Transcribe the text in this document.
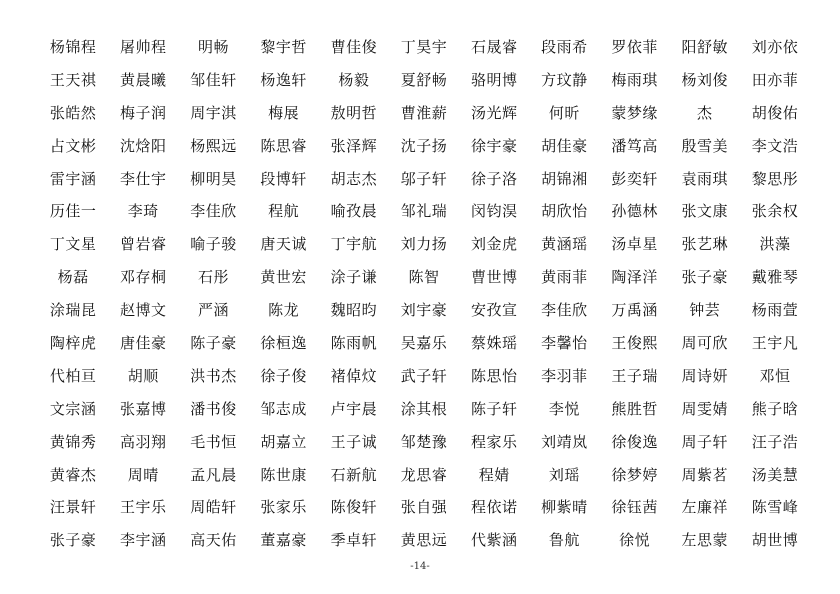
杨锦程	屠帅程	明畅	黎宇哲	曹佳俊	丁昊宇	石晟睿	段雨希	罗依菲	阳舒敏	刘亦依
王天祺	黄晨曦	邹佳轩	杨逸轩	杨毅	夏舒畅	骆明博	方玟静	梅雨琪	杨刘俊	田亦菲
张皓然	梅子润	周宇淇	梅展	敖明哲	曹淮薪	汤光辉	何昕	蒙梦缘	杰	胡俊佑
占文彬	沈焓阳	杨熙远	陈思睿	张泽辉	沈子扬	徐宇豪	胡佳豪	潘笃高	殷雪美	李文浩
雷宇涵	李仕宇	柳明昊	段博轩	胡志杰	邬子轩	徐子洛	胡锦湘	彭奕轩	袁雨琪	黎思彤
历佳一	李琦	李佳欣	程航	喻孜晨	邹礼瑞	闵钧淏	胡欣怡	孙德林	张文康	张余权
丁文星	曾岩睿	喻子骏	唐天诚	丁宇航	刘力扬	刘金虎	黄涵瑶	汤卓星	张艺琳	洪藻
杨磊	邓存桐	石彤	黄世宏	涂子谦	陈智	曹世博	黄雨菲	陶泽洋	张子豪	戴雅琴
涂瑞昆	赵博文	严涵	陈龙	魏昭昀	刘宇豪	安孜宣	李佳欣	万禹涵	钟芸	杨雨萱
陶梓虎	唐佳豪	陈子豪	徐桓逸	陈雨帆	吴嘉乐	蔡姝瑶	李馨怡	王俊熙	周可欣	王宇凡
代柏亘	胡顺	洪书杰	徐子俊	褚倬炆	武子轩	陈思怡	李羽菲	王子瑞	周诗妍	邓恒
文宗涵	张嘉博	潘书俊	邹志成	卢宇晨	涂其根	陈子轩	李悦	熊胜哲	周雯婧	熊子晗
黄锦秀	高羽翔	毛书恒	胡嘉立	王子诚	邹楚豫	程家乐	刘靖岚	徐俊逸	周子轩	汪子浩
黄睿杰	周晴	孟凡晨	陈世康	石新航	龙思睿	程婧	刘瑶	徐梦婷	周紫茗	汤美慧
汪景轩	王宇乐	周皓轩	张家乐	陈俊轩	张自强	程依诺	柳紫晴	徐钰茜	左廉祥	陈雪峰
张子豪	李宇涵	高天佑	董嘉豪	季卓轩	黄思远	代紫涵	鲁航	徐悦	左思蒙	胡世博
-14-
